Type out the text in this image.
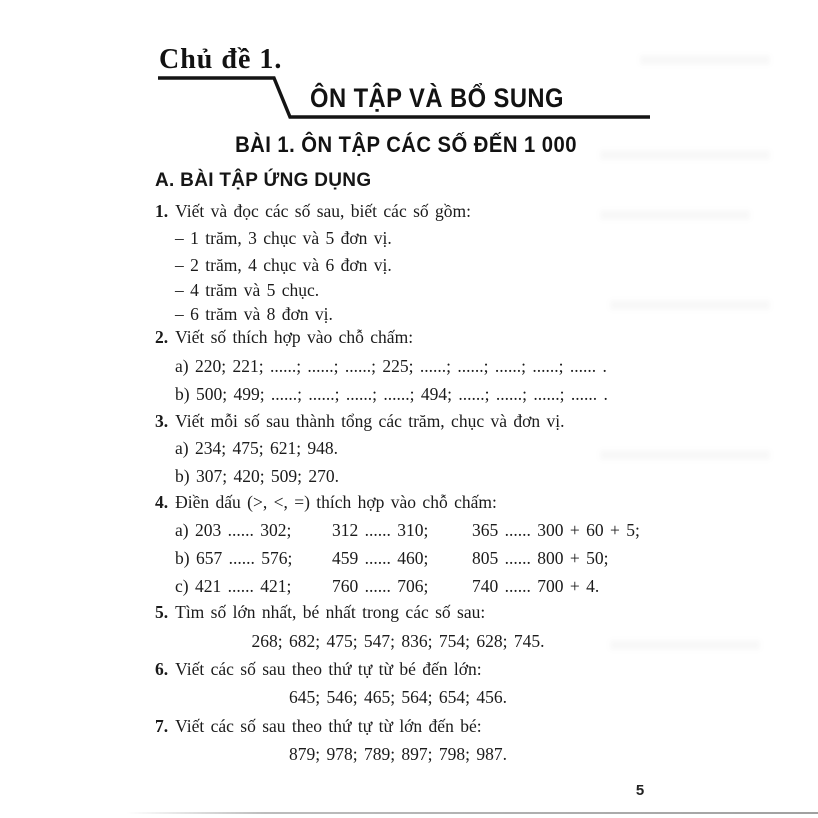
Chủ đề 1.
ÔN TẬP VÀ BỔ SUNG
BÀI 1. ÔN TẬP CÁC SỐ ĐẾN 1 000
A. BÀI TẬP ỨNG DỤNG
1. Viết và đọc các số sau, biết các số gồm:
– 1 trăm, 3 chục và 5 đơn vị.
– 2 trăm, 4 chục và 6 đơn vị.
– 4 trăm và 5 chục.
– 6 trăm và 8 đơn vị.
2. Viết số thích hợp vào chỗ chấm:
a) 220; 221; ......; ......; ......; 225; ......; ......; ......; ......; ...... .
b) 500; 499; ......; ......; ......; ......; 494; ......; ......; ......; ...... .
3. Viết mỗi số sau thành tổng các trăm, chục và đơn vị.
a) 234; 475; 621; 948.
b) 307; 420; 509; 270.
4. Điền dấu (>, <, =) thích hợp vào chỗ chấm:
a) 203 ...... 302; 312 ...... 310; 365 ...... 300 + 60 + 5;
b) 657 ...... 576; 459 ...... 460; 805 ...... 800 + 50;
c) 421 ...... 421; 760 ...... 706; 740 ...... 700 + 4.
5. Tìm số lớn nhất, bé nhất trong các số sau:
268; 682; 475; 547; 836; 754; 628; 745.
6. Viết các số sau theo thứ tự từ bé đến lớn:
645; 546; 465; 564; 654; 456.
7. Viết các số sau theo thứ tự từ lớn đến bé:
879; 978; 789; 897; 798; 987.
5
